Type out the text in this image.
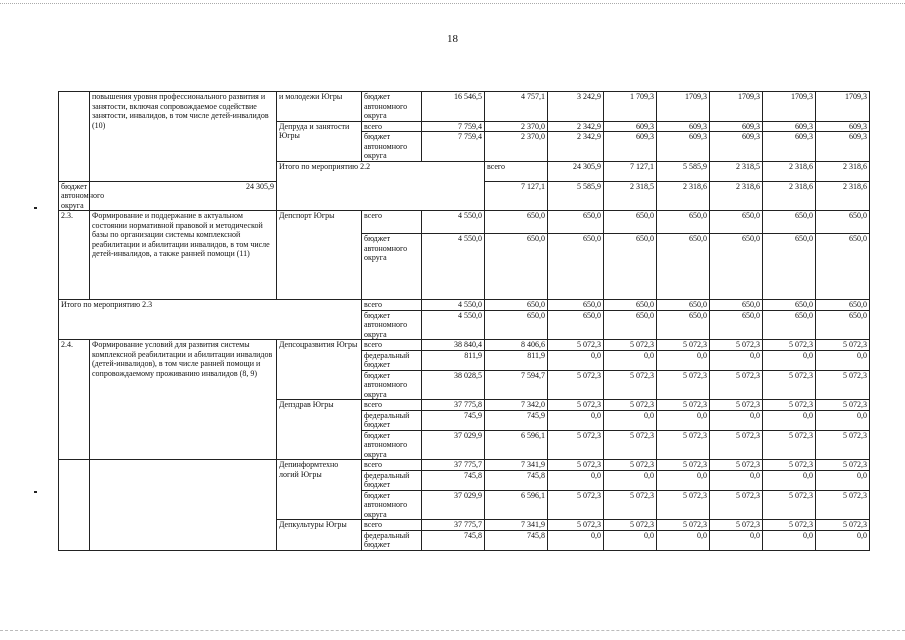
18
	повышения уровня профессионального развития и занятости, включая сопровождаемое содействие занятости, инвалидов, в том числе детей-инвалидов (10)	и молодежи Югры	бюджет автономного округа	16 546,5	4 757,1	3 242,9	1 709,3	1709,3	1709,3	1709,3	1709,3	
		Депруда и занятости Югры	всего	7 759,4	2 370,0	2 342,9	609,3	609,3	609,3	609,3	609,3	
			бюджет автономного округа	7 759,4	2 370,0	2 342,9	609,3	609,3	609,3	609,3	609,3	
		Итого по мероприятию 2.2			всего	24 305,9	7 127,1	5 585,9	2 318,5	2 318,6	2 318,6		
бюджет автономного округа	24 305,9				7 127,1	5 585,9	2 318,5	2 318,6	2 318,6	2 318,6	2 318,6	
2.3.	Формирование и поддержание в актуальном состоянии нормативной правовой и методической базы по организации системы комплексной реабилитации и абилитации инвалидов, в том числе детей-инвалидов, а также ранней помощи (11)	Депспорт Югры	всего	4 550,0	650,0	650,0	650,0	650,0	650,0	650,0	650,0	
			бюджет автономного округа	4 550,0	650,0	650,0	650,0	650,0	650,0	650,0	650,0	
Итого по мероприятию 2.3			всего	4 550,0	650,0	650,0	650,0	650,0	650,0	650,0	650,0	
			бюджет автономного округа	4 550,0	650,0	650,0	650,0	650,0	650,0	650,0	650,0	
2.4.	Формирование условий для развития системы комплексной реабилитации и абилитации инвалидов (детей-инвалидов), в том числе ранней помощи и сопровождаемому проживанию инвалидов (8, 9)	Депсоцразвития Югры	всего	38 840,4	8 406,6	5 072,3	5 072,3	5 072,3	5 072,3	5 072,3	5 072,3	
			федеральный бюджет	811,9	811,9	0,0	0,0	0,0	0,0	0,0	0,0	
			бюджет автономного округа	38 028,5	7 594,7	5 072,3	5 072,3	5 072,3	5 072,3	5 072,3	5 072,3	
		Депздрав Югры	всего	37 775,8	7 342,0	5 072,3	5 072,3	5 072,3	5 072,3	5 072,3	5 072,3	
			федеральный бюджет	745,9	745,9	0,0	0,0	0,0	0,0	0,0	0,0	
			бюджет автономного округа	37 029,9	6 596,1	5 072,3	5 072,3	5 072,3	5 072,3	5 072,3	5 072,3	
		Депинформтехно логий Югры	всего	37 775,7	7 341,9	5 072,3	5 072,3	5 072,3	5 072,3	5 072,3	5 072,3	
			федеральный бюджет	745,8	745,8	0,0	0,0	0,0	0,0	0,0	0,0	
			бюджет автономного округа	37 029,9	6 596,1	5 072,3	5 072,3	5 072,3	5 072,3	5 072,3	5 072,3	
		Депкультуры Югры	всего	37 775,7	7 341,9	5 072,3	5 072,3	5 072,3	5 072,3	5 072,3	5 072,3	
			федеральный бюджет	745,8	745,8	0,0	0,0	0,0	0,0	0,0	0,0	
